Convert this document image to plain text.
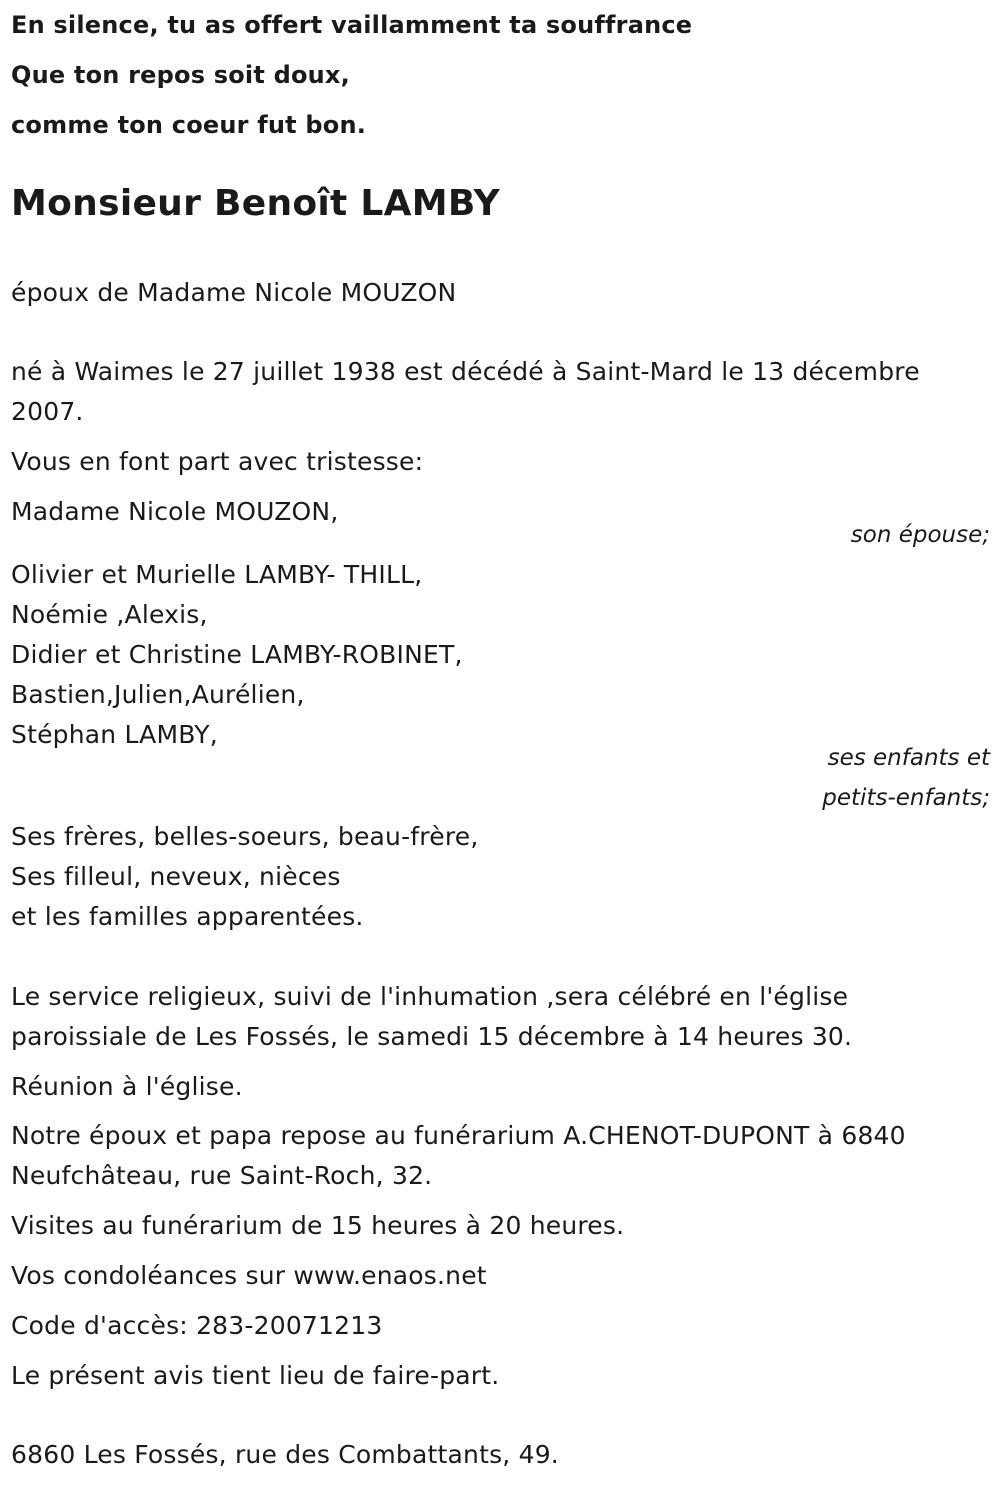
En silence, tu as offert vaillamment ta souffrance
Que ton repos soit doux,
comme ton coeur fut bon.
Monsieur Benoît LAMBY
époux de Madame Nicole MOUZON
né à Waimes le 27 juillet 1938 est décédé à Saint-Mard le 13 décembre
2007.
Vous en font part avec tristesse:
Madame Nicole MOUZON,
son épouse;
Olivier et Murielle LAMBY- THILL,
Noémie ,Alexis,
Didier et Christine LAMBY-ROBINET,
Bastien,Julien,Aurélien,
Stéphan LAMBY,
ses enfants et
petits-enfants;
Ses frères, belles-soeurs, beau-frère,
Ses filleul, neveux, nièces
et les familles apparentées.
Le service religieux, suivi de l'inhumation ,sera célébré en l'église
paroissiale de Les Fossés, le samedi 15 décembre à 14 heures 30.
Réunion à l'église.
Notre époux et papa repose au funérarium A.CHENOT-DUPONT à 6840
Neufchâteau, rue Saint-Roch, 32.
Visites au funérarium de 15 heures à 20 heures.
Vos condoléances sur www.enaos.net
Code d'accès: 283-20071213
Le présent avis tient lieu de faire-part.
6860 Les Fossés, rue des Combattants, 49.
